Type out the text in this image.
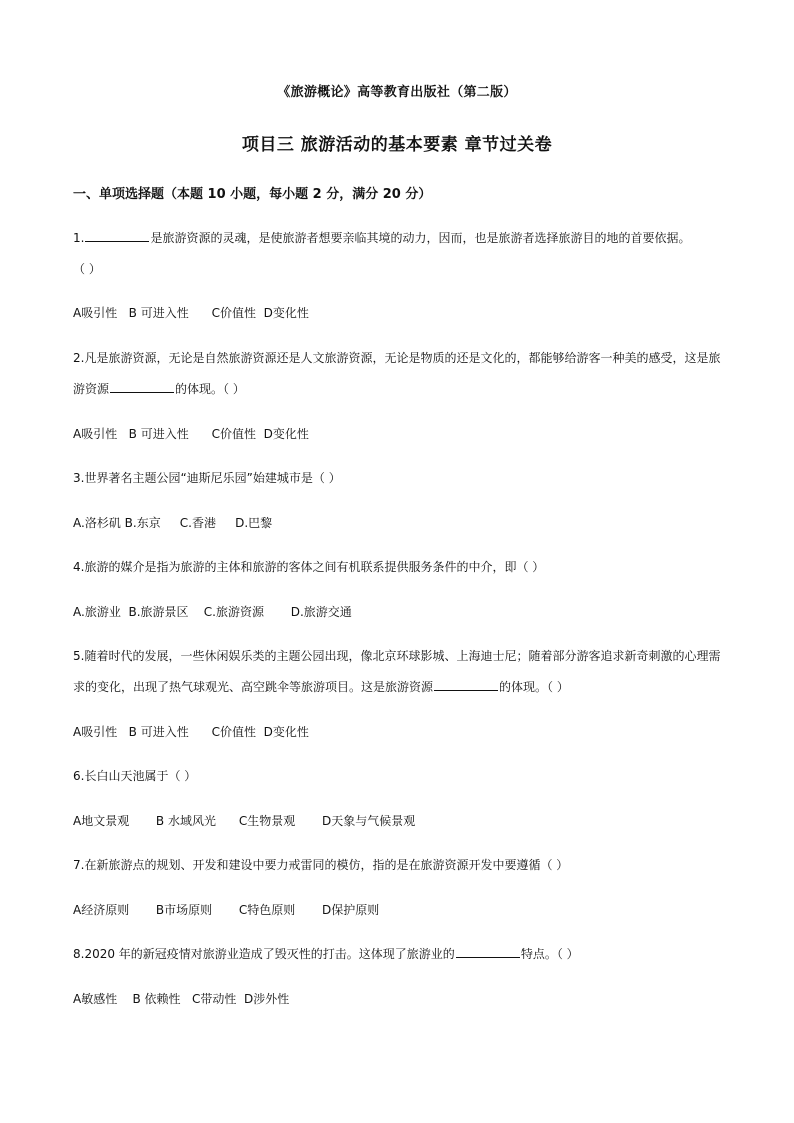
《旅游概论》高等教育出版社（第二版）
项目三 旅游活动的基本要素 章节过关卷
一、单项选择题（本题 10 小题，每小题 2 分，满分 20 分）
1.	是旅游资源的灵魂，是使旅游者想要亲临其境的动力，因而，也是旅游者选择旅游目的地的首要依据。
（ ）
A吸引性 B 可进入性 C价值性 D变化性
2.凡是旅游资源，无论是自然旅游资源还是人文旅游资源，无论是物质的还是文化的，都能够给游客一种美的感受，这是旅
游资源	的体现。（ ）
A吸引性 B 可进入性 C价值性 D变化性
3.世界著名主题公园“迪斯尼乐园”始建城市是（ ）
A.洛杉矶 B.东京 C.香港 D.巴黎
4.旅游的媒介是指为旅游的主体和旅游的客体之间有机联系提供服务条件的中介，即（ ）
A.旅游业 B.旅游景区 C.旅游资源 D.旅游交通
5.随着时代的发展，一些休闲娱乐类的主题公园出现，像北京环球影城、上海迪士尼；随着部分游客追求新奇刺激的心理需
求的变化，出现了热气球观光、高空跳伞等旅游项目。这是旅游资源	的体现。（ ）
A吸引性 B 可进入性 C价值性 D变化性
6.长白山天池属于（ ）
A地文景观 B 水域风光 C生物景观 D天象与气候景观
7.在新旅游点的规划、开发和建设中要力戒雷同的模仿，指的是在旅游资源开发中要遵循（ ）
A经济原则 B市场原则 C特色原则 D保护原则
8.2020 年的新冠疫情对旅游业造成了毁灭性的打击。这体现了旅游业的	特点。（ ）
A敏感性 B 依赖性 C带动性 D涉外性
